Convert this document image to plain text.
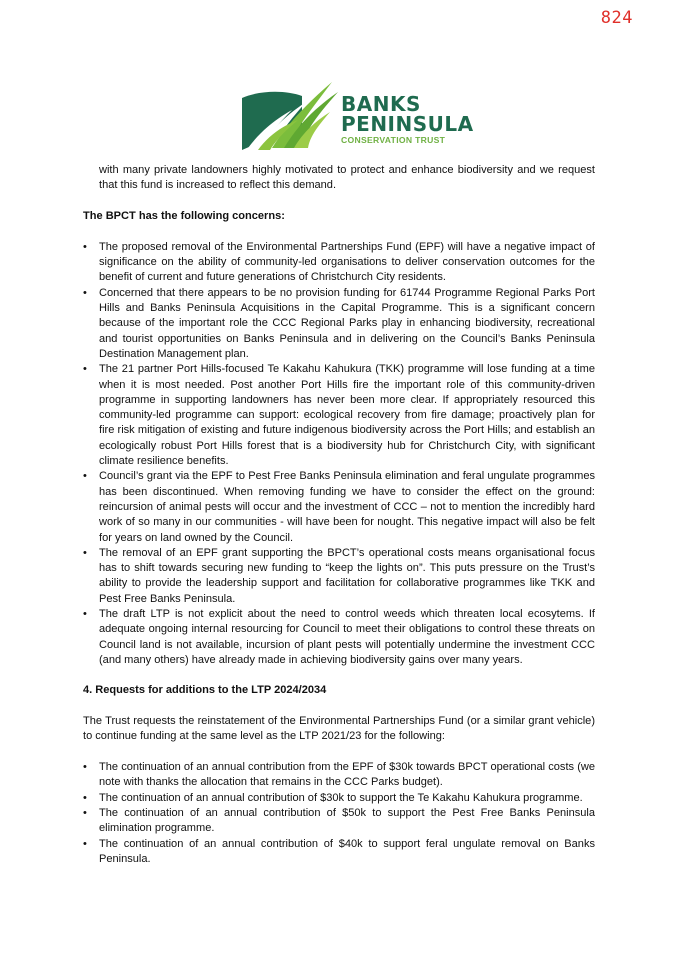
824
BANKS
PENINSULA
CONSERVATION TRUST

with many private landowners highly motivated to protect and enhance biodiversity and we request that this fund is increased to reflect this demand.

The BPCT has the following concerns:

• The proposed removal of the Environmental Partnerships Fund (EPF) will have a negative impact of significance on the ability of community-led organisations to deliver conservation outcomes for the benefit of current and future generations of Christchurch City residents.
• Concerned that there appears to be no provision funding for 61744 Programme Regional Parks Port Hills and Banks Peninsula Acquisitions in the Capital Programme. This is a significant concern because of the important role the CCC Regional Parks play in enhancing biodiversity, recreational and tourist opportunities on Banks Peninsula and in delivering on the Council’s Banks Peninsula Destination Management plan.
• The 21 partner Port Hills-focused Te Kakahu Kahukura (TKK) programme will lose funding at a time when it is most needed. Post another Port Hills fire the important role of this community-driven programme in supporting landowners has never been more clear. If appropriately resourced this community-led programme can support: ecological recovery from fire damage; proactively plan for fire risk mitigation of existing and future indigenous biodiversity across the Port Hills; and establish an ecologically robust Port Hills forest that is a biodiversity hub for Christchurch City, with significant climate resilience benefits.
• Council’s grant via the EPF to Pest Free Banks Peninsula elimination and feral ungulate programmes has been discontinued. When removing funding we have to consider the effect on the ground: reincursion of animal pests will occur and the investment of CCC – not to mention the incredibly hard work of so many in our communities - will have been for nought. This negative impact will also be felt for years on land owned by the Council.
• The removal of an EPF grant supporting the BPCT’s operational costs means organisational focus has to shift towards securing new funding to “keep the lights on”. This puts pressure on the Trust’s ability to provide the leadership support and facilitation for collaborative programmes like TKK and Pest Free Banks Peninsula.
• The draft LTP is not explicit about the need to control weeds which threaten local ecosytems. If adequate ongoing internal resourcing for Council to meet their obligations to control these threats on Council land is not available, incursion of plant pests will potentially undermine the investment CCC (and many others) have already made in achieving biodiversity gains over many years.

4. Requests for additions to the LTP 2024/2034

The Trust requests the reinstatement of the Environmental Partnerships Fund (or a similar grant vehicle) to continue funding at the same level as the LTP 2021/23 for the following:

• The continuation of an annual contribution from the EPF of $30k towards BPCT operational costs (we note with thanks the allocation that remains in the CCC Parks budget).
• The continuation of an annual contribution of $30k to support the Te Kakahu Kahukura programme.
• The continuation of an annual contribution of $50k to support the Pest Free Banks Peninsula elimination programme.
• The continuation of an annual contribution of $40k to support feral ungulate removal on Banks Peninsula.
